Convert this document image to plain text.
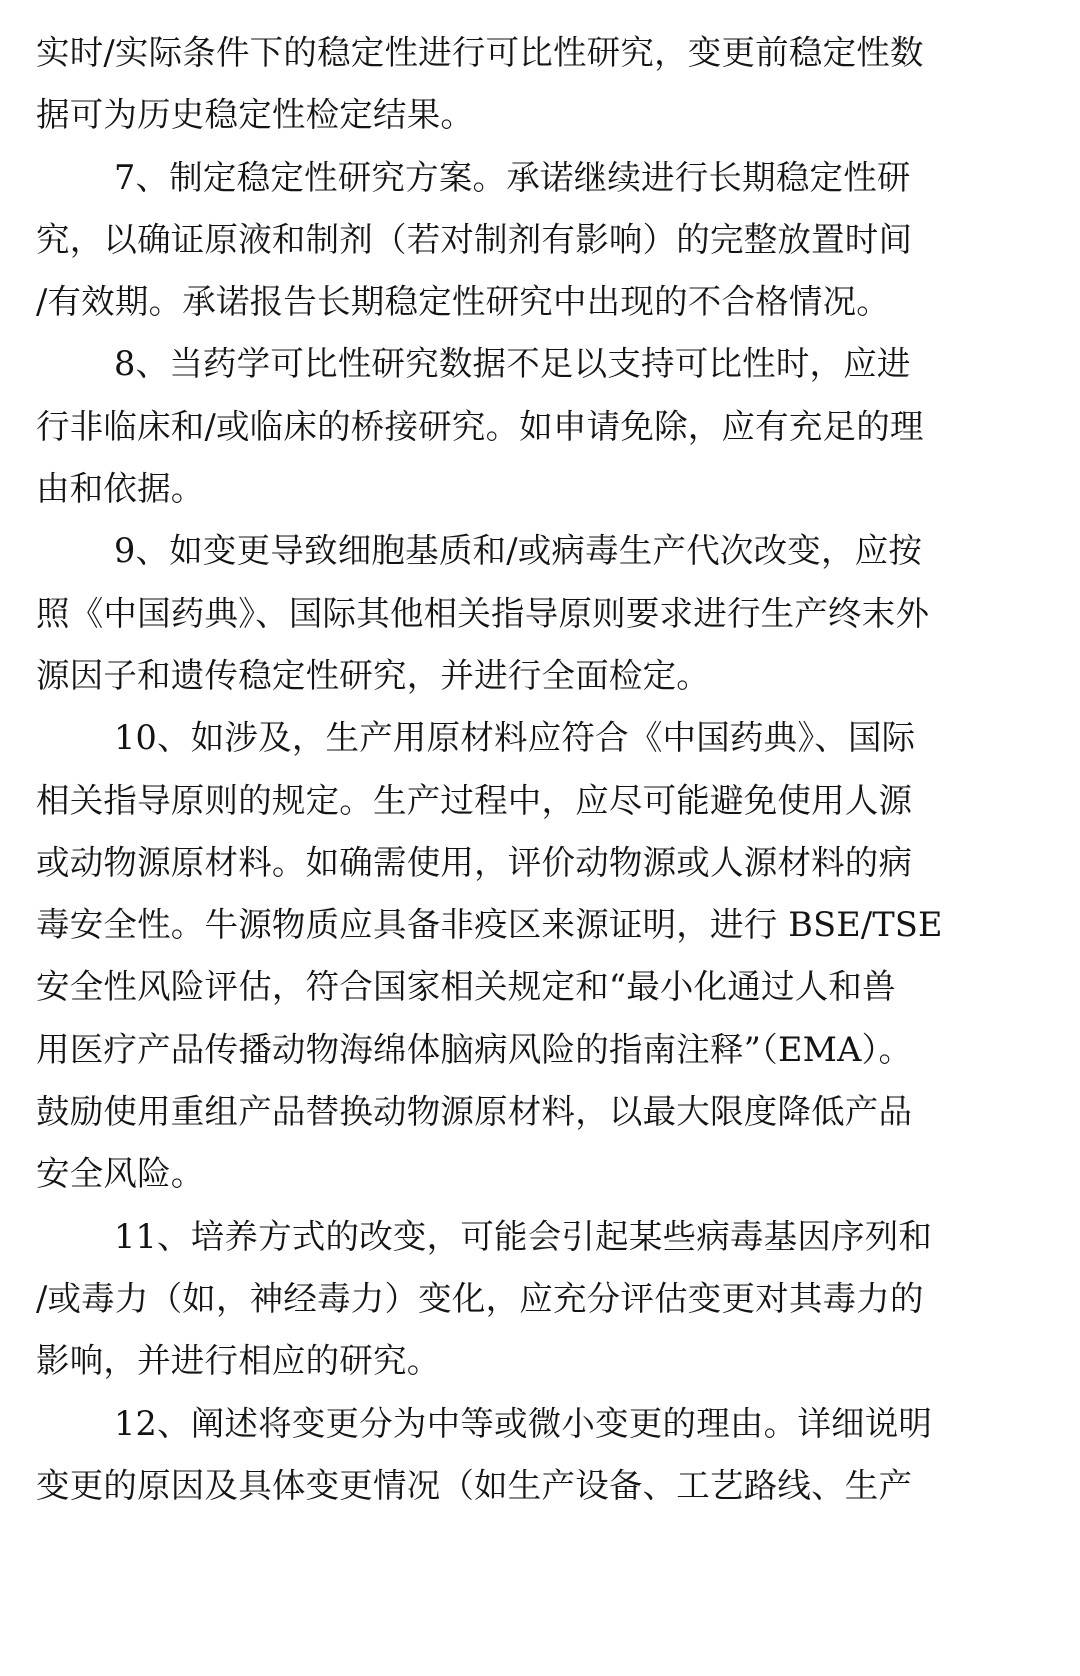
实时/实际条件下的稳定性进行可比性研究，变更前稳定性数
据可为历史稳定性检定结果。
7、制定稳定性研究方案。承诺继续进行长期稳定性研
究，以确证原液和制剂（若对制剂有影响）的完整放置时间
/有效期。承诺报告长期稳定性研究中出现的不合格情况。
8、当药学可比性研究数据不足以支持可比性时，应进
行非临床和/或临床的桥接研究。如申请免除，应有充足的理
由和依据。
9、如变更导致细胞基质和/或病毒生产代次改变，应按
照《中国药典》、国际其他相关指导原则要求进行生产终末外
源因子和遗传稳定性研究，并进行全面检定。
10、如涉及，生产用原材料应符合《中国药典》、国际
相关指导原则的规定。生产过程中，应尽可能避免使用人源
或动物源原材料。如确需使用，评价动物源或人源材料的病
毒安全性。牛源物质应具备非疫区来源证明，进行 BSE/TSE
安全性风险评估，符合国家相关规定和“最小化通过人和兽
用医疗产品传播动物海绵体脑病风险的指南注释”（EMA）。
鼓励使用重组产品替换动物源原材料，以最大限度降低产品
安全风险。
11、培养方式的改变，可能会引起某些病毒基因序列和
/或毒力（如，神经毒力）变化，应充分评估变更对其毒力的
影响，并进行相应的研究。
12、阐述将变更分为中等或微小变更的理由。详细说明
变更的原因及具体变更情况（如生产设备、工艺路线、生产
